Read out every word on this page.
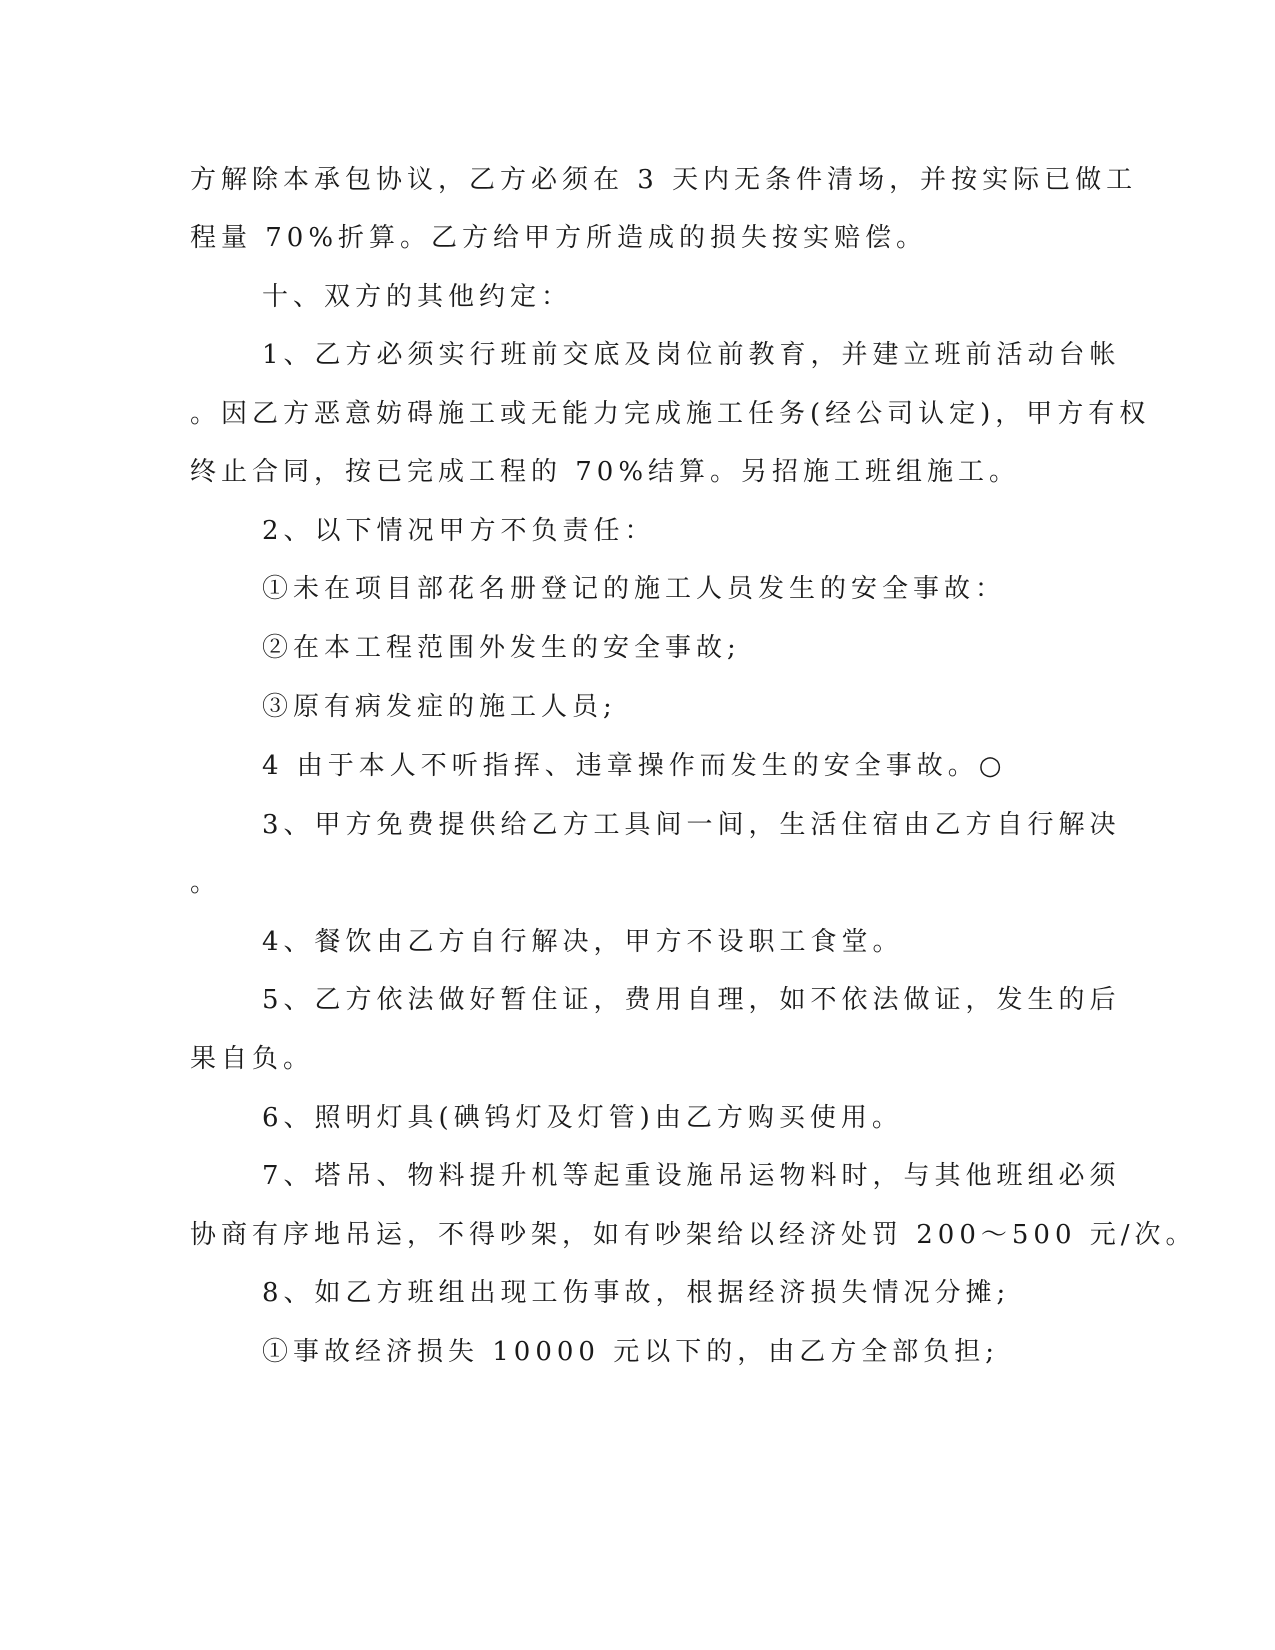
方解除本承包协议，乙方必须在 3 天内无条件清场，并按实际已做工
程量 70%折算。乙方给甲方所造成的损失按实赔偿。
十、双方的其他约定：
1、乙方必须实行班前交底及岗位前教育，并建立班前活动台帐
。因乙方恶意妨碍施工或无能力完成施工任务(经公司认定)，甲方有权
终止合同，按已完成工程的 70%结算。另招施工班组施工。
2、以下情况甲方不负责任：
①未在项目部花名册登记的施工人员发生的安全事故：
②在本工程范围外发生的安全事故;
③原有病发症的施工人员;
4 由于本人不听指挥、违章操作而发生的安全事故。○
3、甲方免费提供给乙方工具间一间，生活住宿由乙方自行解决
。
4、餐饮由乙方自行解决，甲方不设职工食堂。
5、乙方依法做好暂住证，费用自理，如不依法做证，发生的后
果自负。
6、照明灯具(碘钨灯及灯管)由乙方购买使用。
7、塔吊、物料提升机等起重设施吊运物料时，与其他班组必须
协商有序地吊运，不得吵架，如有吵架给以经济处罚 200～500 元/次。
8、如乙方班组出现工伤事故，根据经济损失情况分摊;
①事故经济损失 10000 元以下的，由乙方全部负担;
